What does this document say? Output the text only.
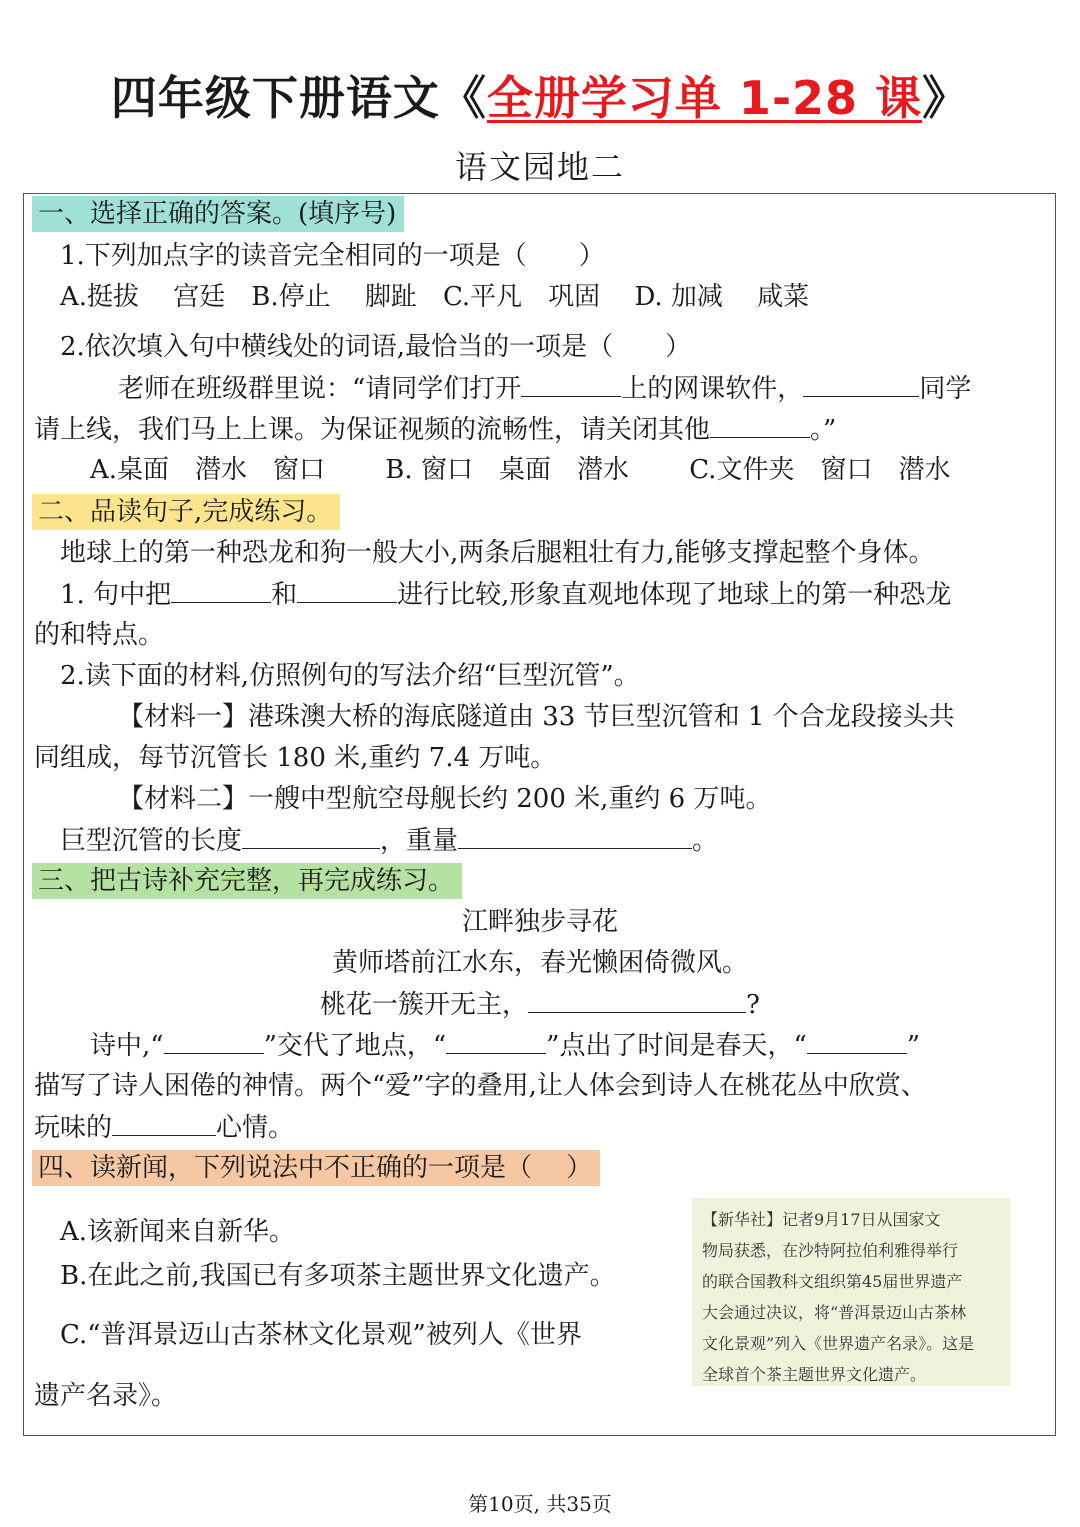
四年级下册语文《全册学习单 1-28 课》
语文园地二
一、选择正确的答案。(填序号)
1.下列加点字的读音完全相同的一项是（　　）
A.挺拔　 宫廷　B.停止　 脚趾　C.平凡　巩固　 D. 加减　 咸菜
2.依次填入句中横线处的词语,最恰当的一项是（　　）
老师在班级群里说：“请同学们打开	上的网课软件，	同学
请上线，我们马上上课。为保证视频的流畅性，请关闭其他	。”
A.桌面　潜水　窗口　　 B. 窗口　桌面　潜水　　 C.文件夹　窗口　潜水
二、品读句子,完成练习。
地球上的第一种恐龙和狗一般大小,两条后腿粗壮有力,能够支撑起整个身体。
1. 句中把	和	进行比较,形象直观地体现了地球上的第一种恐龙
的和特点。
2.读下面的材料,仿照例句的写法介绍“巨型沉管”。
【材料一】港珠澳大桥的海底隧道由 33 节巨型沉管和 1 个合龙段接头共
同组成，每节沉管长 180 米,重约 7.4 万吨。
【材料二】一艘中型航空母舰长约 200 米,重约 6 万吨。
巨型沉管的长度	，重量	。
三、把古诗补充完整，再完成练习。
江畔独步寻花
黄师塔前江水东，春光懒困倚微风。
桃花一簇开无主，	?
诗中,“	”交代了地点，“	”点出了时间是春天，“	”
描写了诗人困倦的神情。两个“爱”字的叠用,让人体会到诗人在桃花丛中欣赏、
玩味的	心情。
四、读新闻，下列说法中不正确的一项是（　 ）
A.该新闻来自新华。
B.在此之前,我国已有多项茶主题世界文化遗产。
C.“普洱景迈山古茶林文化景观”被列人《世界
遗产名录》。
【新华社】记者9月17日从国家文
物局获悉，在沙特阿拉伯利雅得举行
的联合国教科文组织第45届世界遗产
大会通过决议，将“普洱景迈山古茶林
文化景观”列入《世界遗产名录》。这是
全球首个茶主题世界文化遗产。
第10页, 共35页
